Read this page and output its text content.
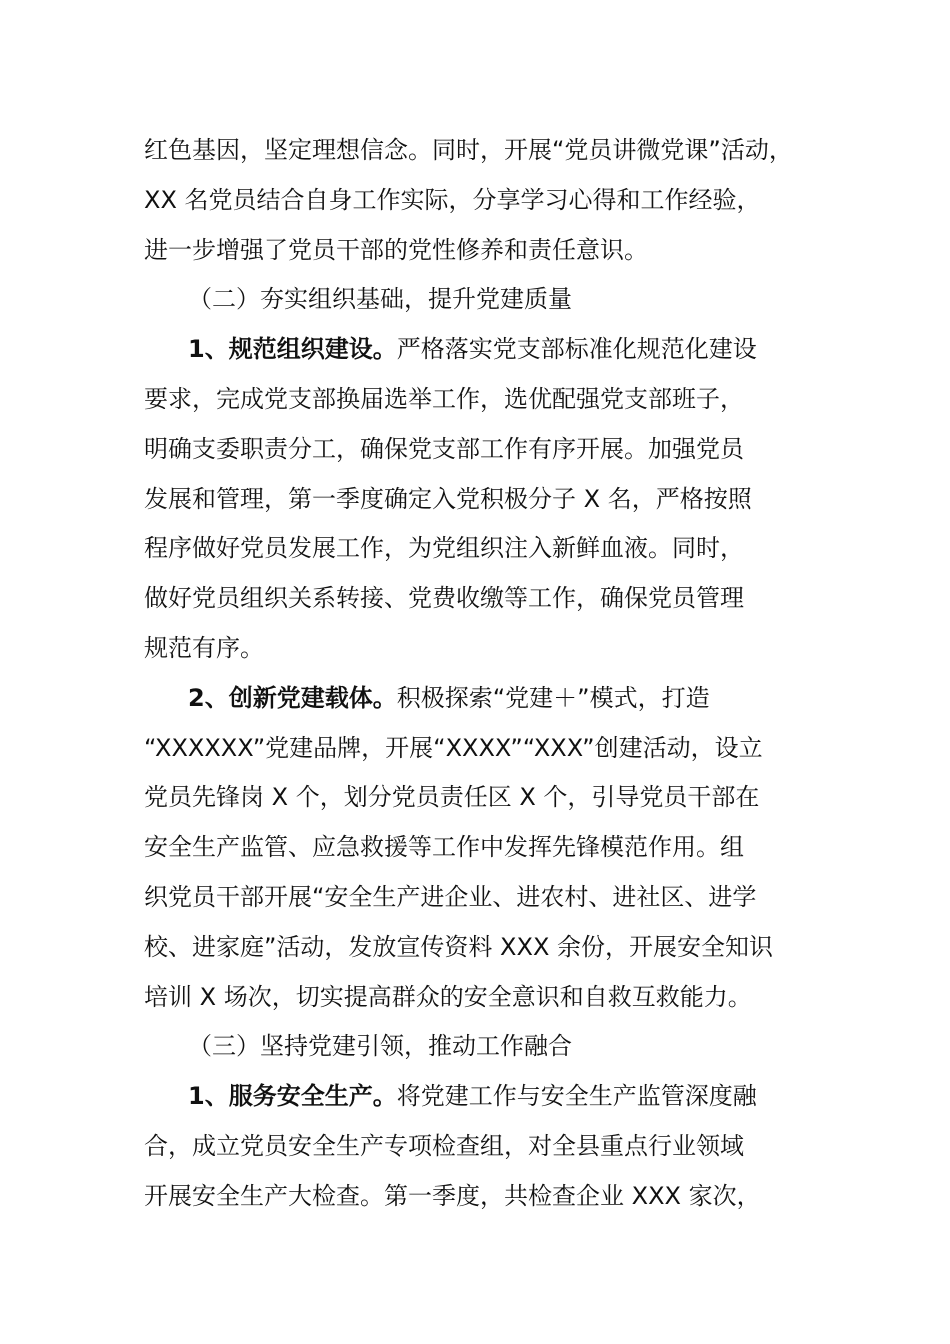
红色基因，坚定理想信念。同时，开展“党员讲微党课”活动，
XX 名党员结合自身工作实际，分享学习心得和工作经验，
进一步增强了党员干部的党性修养和责任意识。
（二）夯实组织基础，提升党建质量
1、规范组织建设。严格落实党支部标准化规范化建设
要求，完成党支部换届选举工作，选优配强党支部班子，
明确支委职责分工，确保党支部工作有序开展。加强党员
发展和管理，第一季度确定入党积极分子 X 名，严格按照
程序做好党员发展工作，为党组织注入新鲜血液。同时，
做好党员组织关系转接、党费收缴等工作，确保党员管理
规范有序。
2、创新党建载体。积极探索“党建＋”模式，打造
“XXXXXX”党建品牌，开展“XXXX”“XXX”创建活动，设立
党员先锋岗 X 个，划分党员责任区 X 个，引导党员干部在
安全生产监管、应急救援等工作中发挥先锋模范作用。组
织党员干部开展“安全生产进企业、进农村、进社区、进学
校、进家庭”活动，发放宣传资料 XXX 余份，开展安全知识
培训 X 场次，切实提高群众的安全意识和自救互救能力。
（三）坚持党建引领，推动工作融合
1、服务安全生产。将党建工作与安全生产监管深度融
合，成立党员安全生产专项检查组，对全县重点行业领域
开展安全生产大检查。第一季度，共检查企业 XXX 家次，
